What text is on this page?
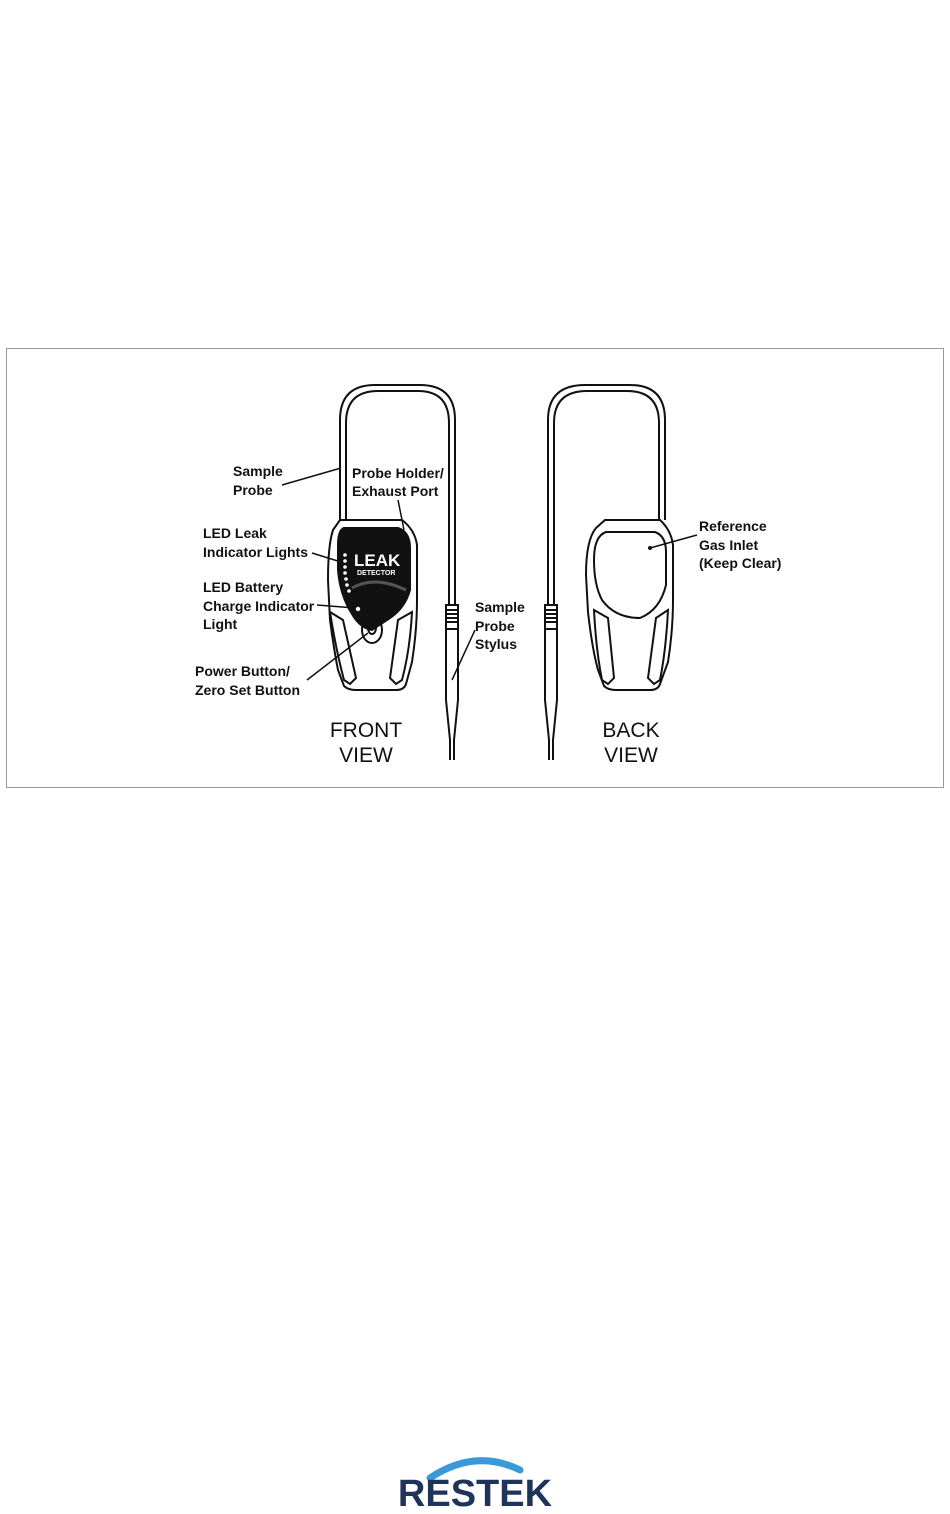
LEAK
DETECTOR
Sample Probe
Probe Holder/ Exhaust Port
LED Leak Indicator Lights
LED Battery Charge Indicator Light
Power Button/ Zero Set Button
Sample Probe Stylus
Reference Gas Inlet (Keep Clear)
FRONT
VIEW
BACK
VIEW
RESTEK
